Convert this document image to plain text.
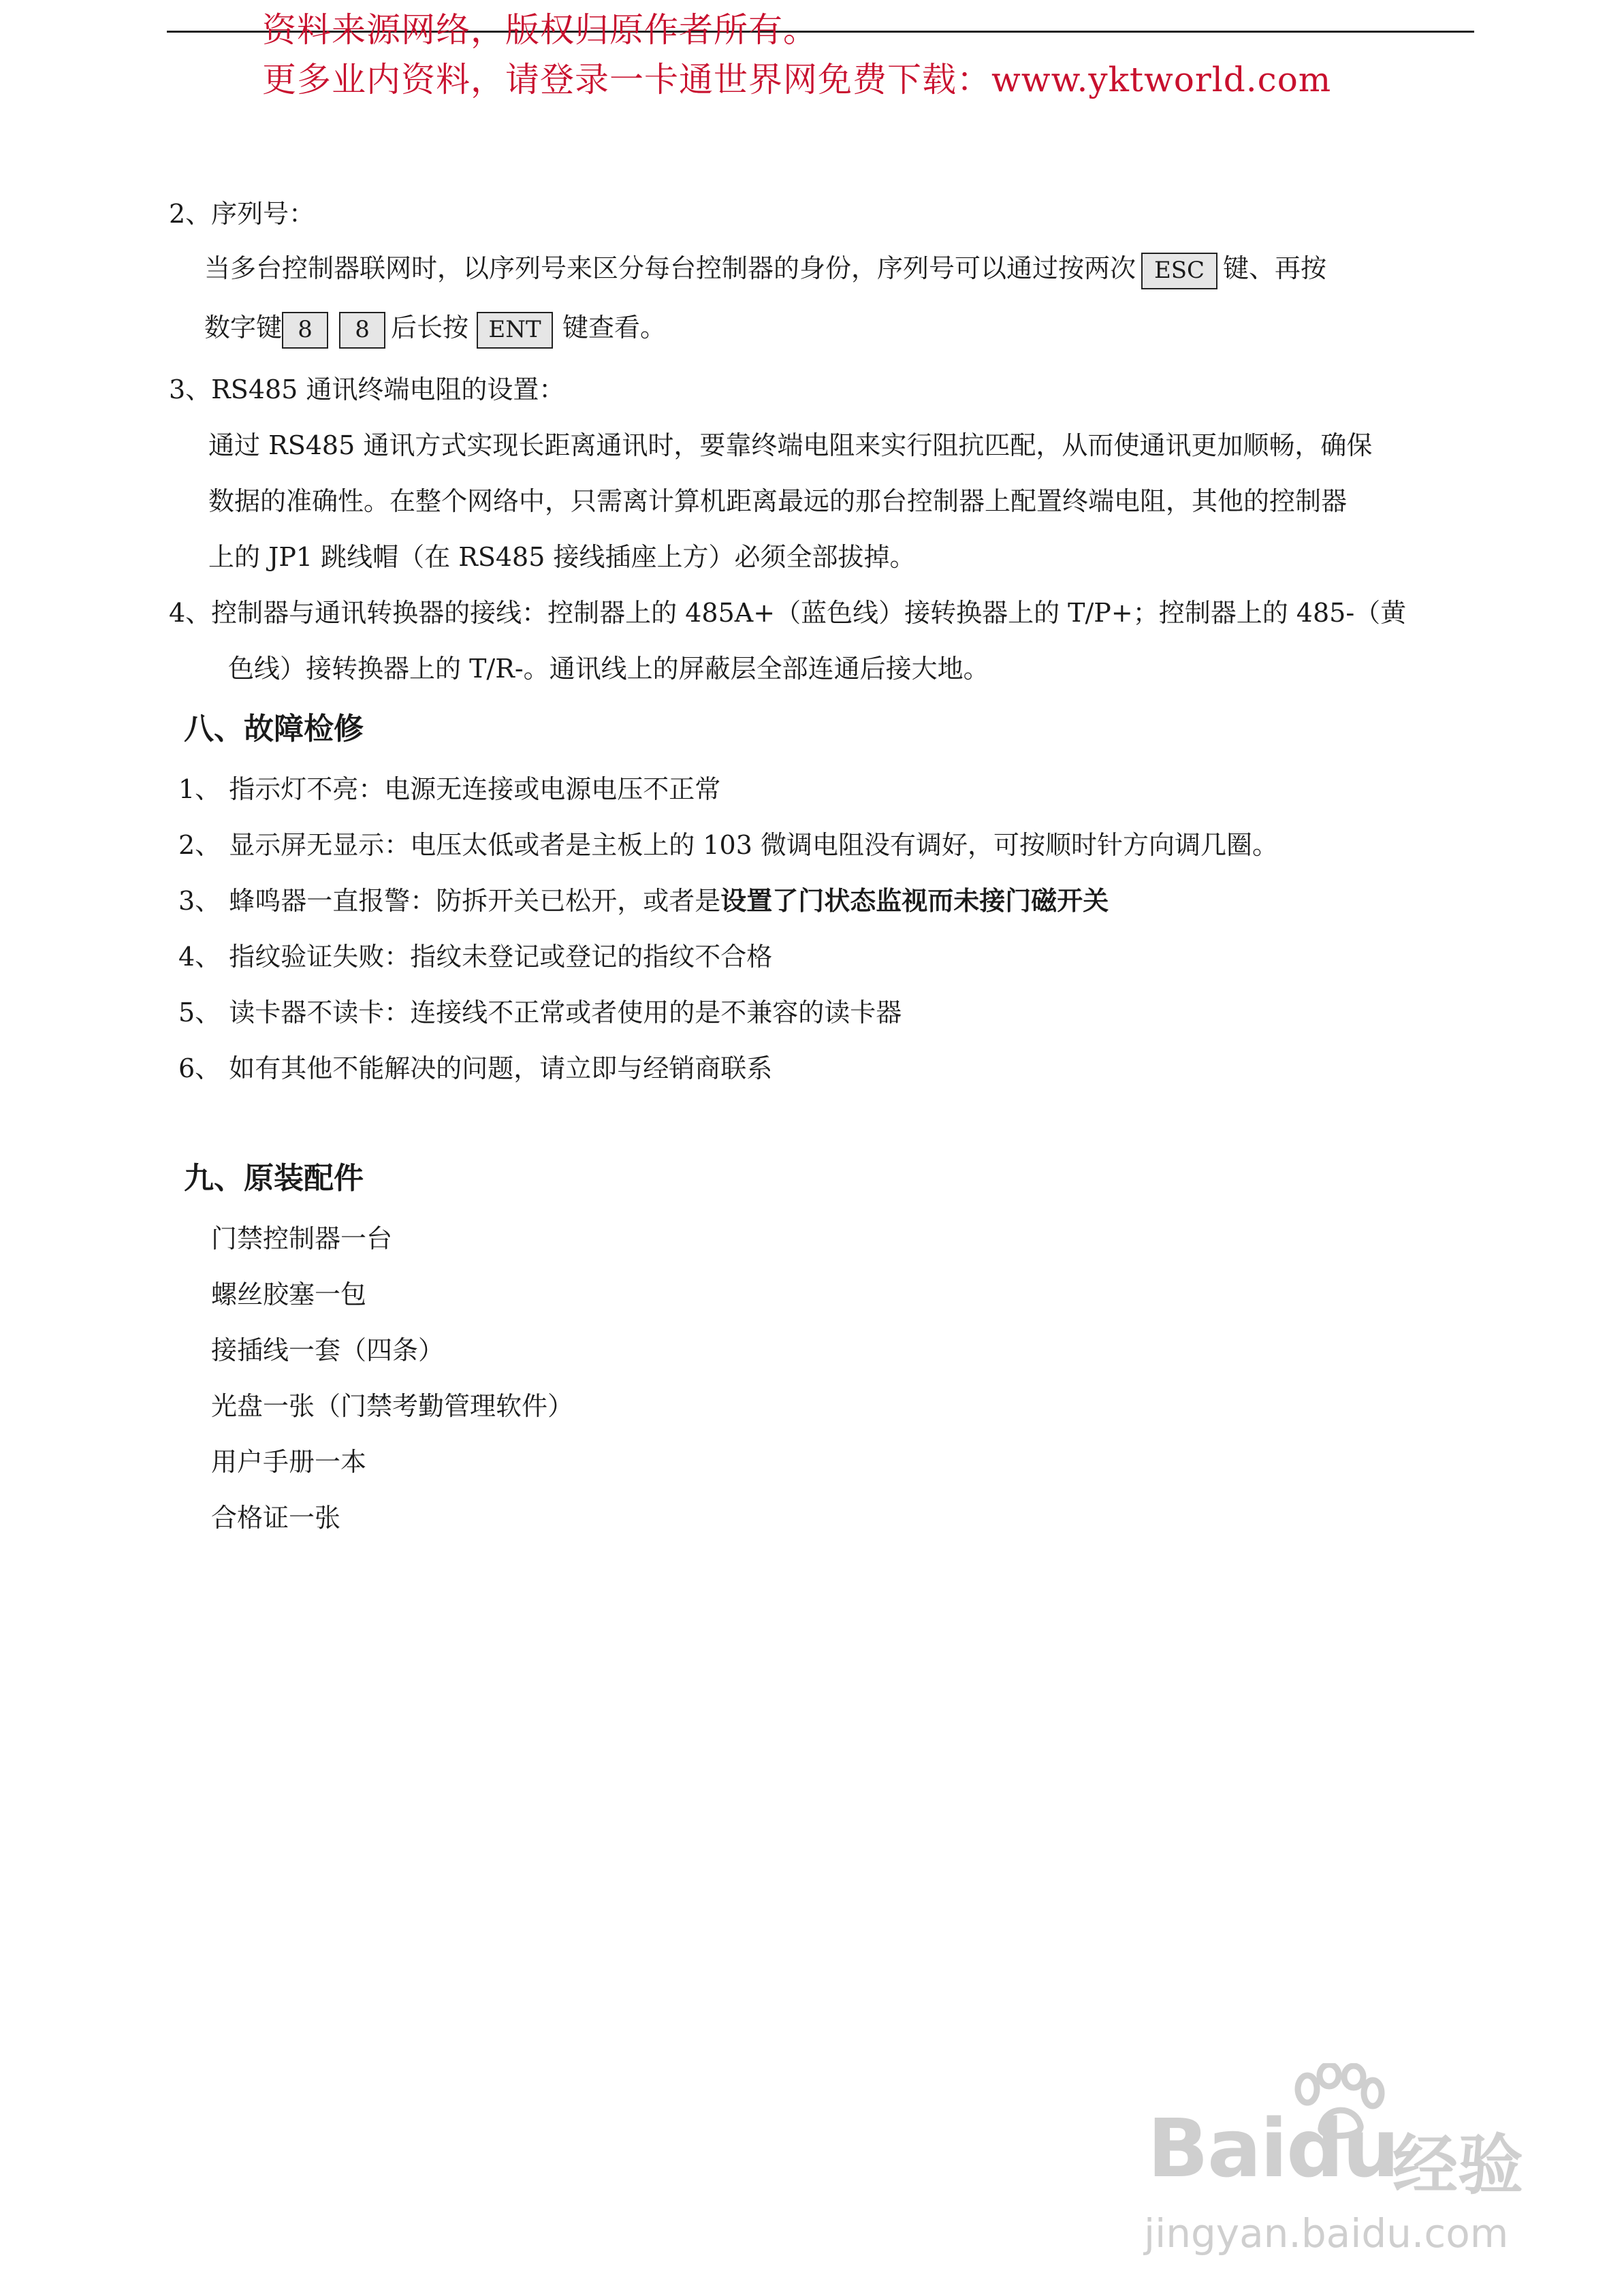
资料来源网络，版权归原作者所有。
更多业内资料，请登录一卡通世界网免费下载：www.yktworld.com
2、序列号：
当多台控制器联网时，以序列号来区分每台控制器的身份，序列号可以通过按两次 ESC 键、再按
数字键 8 8 后长按 ENT 键查看。
3、RS485 通讯终端电阻的设置：
通过 RS485 通讯方式实现长距离通讯时，要靠终端电阻来实行阻抗匹配，从而使通讯更加顺畅，确保
数据的准确性。在整个网络中，只需离计算机距离最远的那台控制器上配置终端电阻，其他的控制器
上的 JP1 跳线帽（在 RS485 接线插座上方）必须全部拔掉。
4、控制器与通讯转换器的接线：控制器上的 485A+（蓝色线）接转换器上的 T/P+；控制器上的 485-（黄
色线）接转换器上的 T/R-。通讯线上的屏蔽层全部连通后接大地。
八、故障检修
1、 指示灯不亮：电源无连接或电源电压不正常
2、 显示屏无显示：电压太低或者是主板上的 103 微调电阻没有调好，可按顺时针方向调几圈。
3、 蜂鸣器一直报警：防拆开关已松开，或者是设置了门状态监视而未接门磁开关
4、 指纹验证失败：指纹未登记或登记的指纹不合格
5、 读卡器不读卡：连接线不正常或者使用的是不兼容的读卡器
6、 如有其他不能解决的问题，请立即与经销商联系
九、原装配件
门禁控制器一台
螺丝胶塞一包
接插线一套（四条）
光盘一张（门禁考勤管理软件）
用户手册一本
合格证一张
Baidu
经验
jingyan.baidu.com
